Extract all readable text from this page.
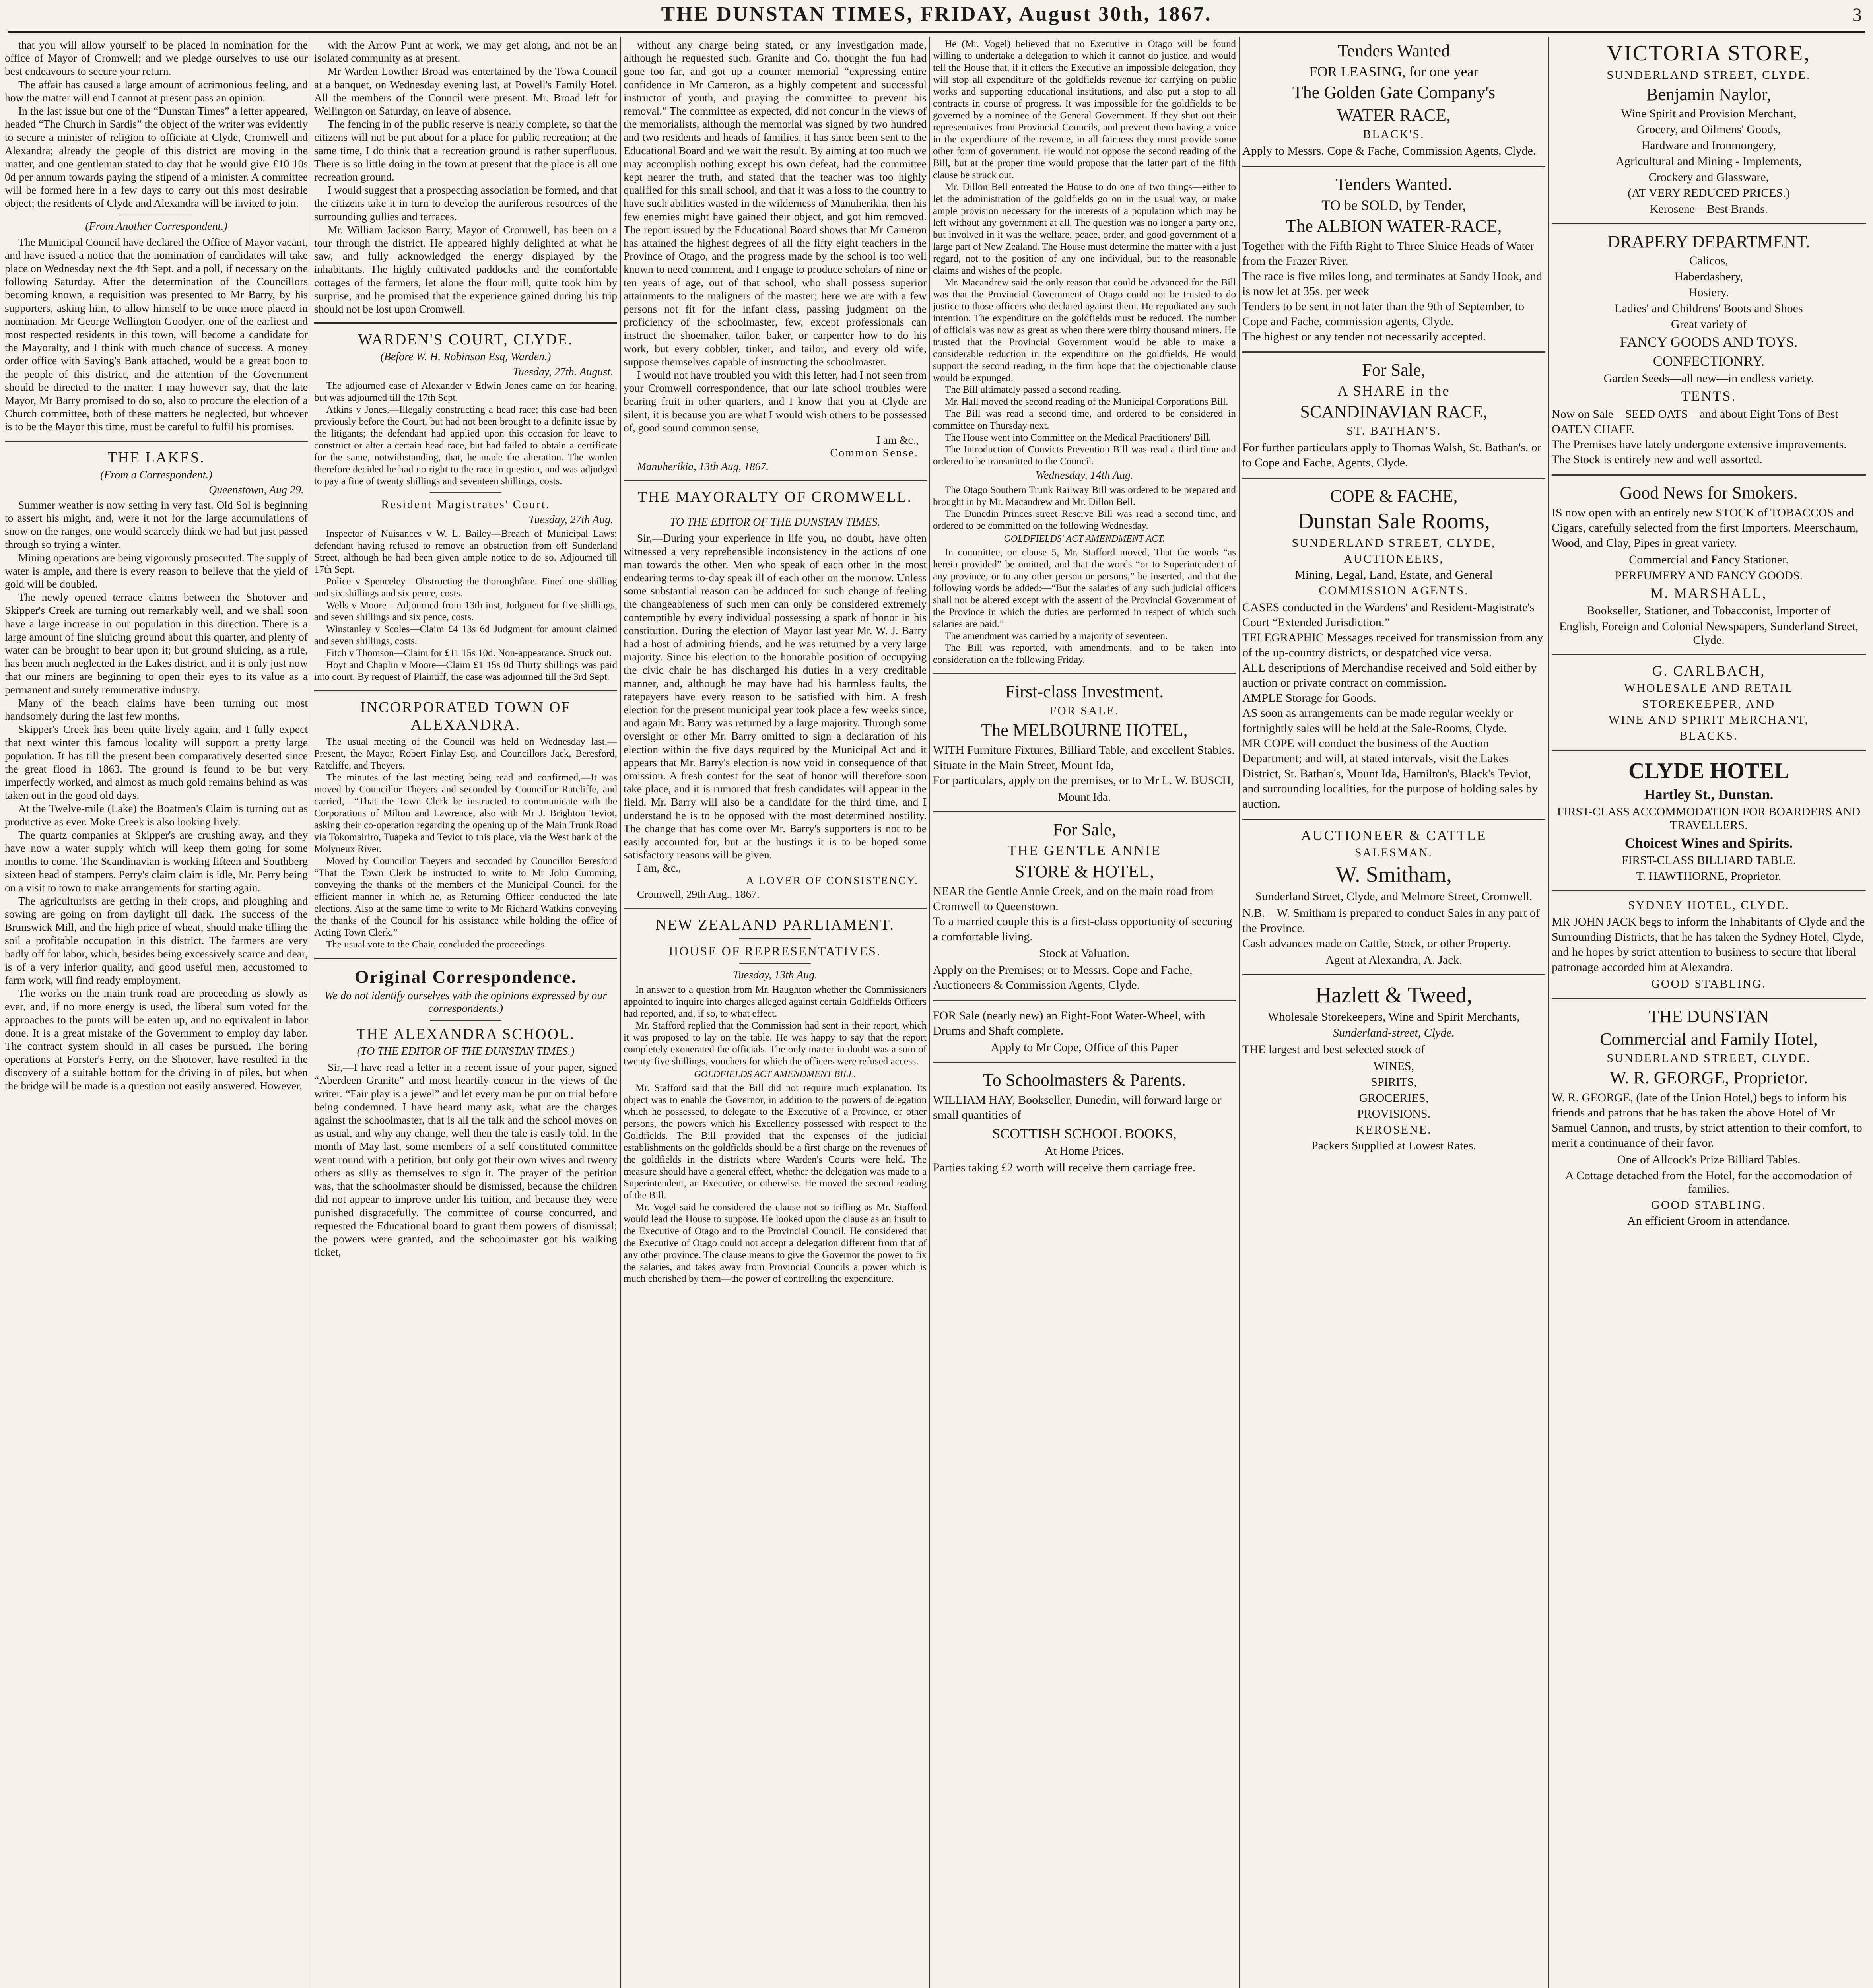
THE DUNSTAN TIMES, FRIDAY, August 30th, 1867.	3

that you will allow yourself to be placed in nomination for the office of Mayor of Cromwell; and we pledge ourselves to use our best endeavours to secure your return.

The affair has caused a large amount of acrimonious feeling, and how the matter will end I cannot at present pass an opinion.

In the last issue but one of the “Dunstan Times” a letter appeared, headed “The Church in Sardis” the object of the writer was evidently to secure a minister of religion to officiate at Clyde, Cromwell and Alexandra; already the people of this district are moving in the matter, and one gentleman stated to day that he would give £10 10s 0d per annum towards paying the stipend of a minister. A committee will be formed here in a few days to carry out this most desirable object; the residents of Clyde and Alexandra will be invited to join.

(From Another Correspondent.)

The Municipal Council have declared the Office of Mayor vacant, and have issued a notice that the nomination of candidates will take place on Wednesday next the 4th Sept. and a poll, if necessary on the following Saturday. After the determination of the Councillors becoming known, a requisition was presented to Mr Barry, by his supporters, asking him, to allow himself to be once more placed in nomination. Mr George Wellington Goodyer, one of the earliest and most respected residents in this town, will become a candidate for the Mayoralty, and I think with much chance of success. A money order office with Saving's Bank attached, would be a great boon to the people of this district, and the attention of the Government should be directed to the matter. I may however say, that the late Mayor, Mr Barry promised to do so, also to procure the election of a Church committee, both of these matters he neglected, but whoever is to be the Mayor this time, must be careful to fulfil his promises.

THE LAKES.

(From a Correspondent.)

Queenstown, Aug 29.

Summer weather is now setting in very fast. Old Sol is beginning to assert his might, and, were it not for the large accumulations of snow on the ranges, one would scarcely think we had but just passed through so trying a winter.

Mining operations are being vigorously prosecuted. The supply of water is ample, and there is every reason to believe that the yield of gold will be doubled.

The newly opened terrace claims between the Shotover and Skipper's Creek are turning out remarkably well, and we shall soon have a large increase in our population in this direction. There is a large amount of fine sluicing ground about this quarter, and plenty of water can be brought to bear upon it; but ground sluicing, as a rule, has been much neglected in the Lakes district, and it is only just now that our miners are beginning to open their eyes to its value as a permanent and surely remunerative industry.

Many of the beach claims have been turning out most handsomely during the last few months.

Skipper's Creek has been quite lively again, and I fully expect that next winter this famous locality will support a pretty large population. It has till the present been comparatively deserted since the great flood in 1863. The ground is found to be but very imperfectly worked, and almost as much gold remains behind as was taken out in the good old days.

At the Twelve-mile (Lake) the Boatmen's Claim is turning out as productive as ever. Moke Creek is also looking lively.

The quartz companies at Skipper's are crushing away, and they have now a water supply which will keep them going for some months to come. The Scandinavian is working fifteen and Southberg sixteen head of stampers. Perry's claim claim is idle, Mr. Perry being on a visit to town to make arrangements for starting again.

The agriculturists are getting in their crops, and ploughing and sowing are going on from daylight till dark. The success of the Brunswick Mill, and the high price of wheat, should make tilling the soil a profitable occupation in this district. The farmers are very badly off for labor, which, besides being excessively scarce and dear, is of a very inferior quality, and good useful men, accustomed to farm work, will find ready employment.

The works on the main trunk road are proceeding as slowly as ever, and, if no more energy is used, the liberal sum voted for the approaches to the punts will be eaten up, and no equivalent in labor done. It is a great mistake of the Government to employ day labor. The contract system should in all cases be pursued. The boring operations at Forster's Ferry, on the Shotover, have resulted in the discovery of a suitable bottom for the driving in of piles, but when the bridge will be made is a question not easily answered. However,

with the Arrow Punt at work, we may get along, and not be an isolated community as at present.

Mr Warden Lowther Broad was entertained by the Towa Council at a banquet, on Wednesday evening last, at Powell's Family Hotel. All the members of the Council were present. Mr. Broad left for Wellington on Saturday, on leave of absence.

The fencing in of the public reserve is nearly complete, so that the citizens will not be put about for a place for public recreation; at the same time, I do think that a recreation ground is rather superfluous. There is so little doing in the town at present that the place is all one recreation ground.

I would suggest that a prospecting association be formed, and that the citizens take it in turn to develop the auriferous resources of the surrounding gullies and terraces.

Mr. William Jackson Barry, Mayor of Cromwell, has been on a tour through the district. He appeared highly delighted at what he saw, and fully acknowledged the energy displayed by the inhabitants. The highly cultivated paddocks and the comfortable cottages of the farmers, let alone the flour mill, quite took him by surprise, and he promised that the experience gained during his trip should not be lost upon Cromwell.

WARDEN'S COURT, CLYDE.

(Before W. H. Robinson Esq, Warden.)

Tuesday, 27th. August.

The adjourned case of Alexander v Edwin Jones came on for hearing, but was adjourned till the 17th Sept.

Atkins v Jones.—Illegally constructing a head race; this case had been previously before the Court, but had not been brought to a definite issue by the litigants; the defendant had applied upon this occasion for leave to construct or alter a certain head race, but had failed to obtain a certificate for the same, notwithstanding, that, he made the alteration. The warden therefore decided he had no right to the race in question, and was adjudged to pay a fine of twenty shillings and seventeen shillings, costs.

Resident Magistrates' Court.

Tuesday, 27th Aug.

Inspector of Nuisances v W. L. Bailey—Breach of Municipal Laws; defendant having refused to remove an obstruction from off Sunderland Street, although he had been given ample notice to do so. Adjourned till 17th Sept.

Police v Spenceley—Obstructing the thoroughfare. Fined one shilling and six shillings and six pence, costs.

Wells v Moore—Adjourned from 13th inst, Judgment for five shillings, and seven shillings and six pence, costs.

Winstanley v Scoles—Claim £4 13s 6d Judgment for amount claimed and seven shillings, costs.

Fitch v Thomson—Claim for £11 15s 10d. Non-appearance. Struck out.

Hoyt and Chaplin v Moore—Claim £1 15s 0d Thirty shillings was paid into court. By request of Plaintiff, the case was adjourned till the 3rd Sept.

INCORPORATED TOWN OF ALEXANDRA.

The usual meeting of the Council was held on Wednesday last.—Present, the Mayor, Robert Finlay Esq. and Councillors Jack, Beresford, Ratcliffe, and Theyers.

The minutes of the last meeting being read and confirmed,—It was moved by Councillor Theyers and seconded by Councillor Ratcliffe, and carried,—“That the Town Clerk be instructed to communicate with the Corporations of Milton and Lawrence, also with Mr J. Brighton Teviot, asking their co-operation regarding the opening up of the Main Trunk Road via Tokomairiro, Tuapeka and Teviot to this place, via the West bank of the Molyneux River.

Moved by Councillor Theyers and seconded by Councillor Beresford “That the Town Clerk be instructed to write to Mr John Cumming, conveying the thanks of the members of the Municipal Council for the efficient manner in which he, as Returning Officer conducted the late elections. Also at the same time to write to Mr Richard Watkins conveying the thanks of the Council for his assistance while holding the office of Acting Town Clerk.”

The usual vote to the Chair, concluded the proceedings.

Original Correspondence.

We do not identify ourselves with the opinions expressed by our correspondents.)

THE ALEXANDRA SCHOOL.

(TO THE EDITOR OF THE DUNSTAN TIMES.)

Sir,—I have read a letter in a recent issue of your paper, signed “Aberdeen Granite” and most heartily concur in the views of the writer. “Fair play is a jewel” and let every man be put on trial before being condemned. I have heard many ask, what are the charges against the schoolmaster, that is all the talk and the school moves on as usual, and why any change, well then the tale is easily told. In the month of May last, some members of a self constituted committee went round with a petition, but only got their own wives and twenty others as silly as themselves to sign it. The prayer of the petition was, that the schoolmaster should be dismissed, because the children did not appear to improve under his tuition, and because they were punished disgracefully. The committee of course concurred, and requested the Educational board to grant them powers of dismissal; the powers were granted, and the schoolmaster got his walking ticket,

without any charge being stated, or any investigation made, although he requested such. Granite and Co. thought the fun had gone too far, and got up a counter memorial “expressing entire confidence in Mr Cameron, as a highly competent and successful instructor of youth, and praying the committee to prevent his removal.” The committee as expected, did not concur in the views of the memorialists, although the memorial was signed by two hundred and two residents and heads of families, it has since been sent to the Educational Board and we wait the result. By aiming at too much we may accomplish nothing except his own defeat, had the committee kept nearer the truth, and stated that the teacher was too highly qualified for this small school, and that it was a loss to the country to have such abilities wasted in the wilderness of Manuherikia, then his few enemies might have gained their object, and got him removed. The report issued by the Educational Board shows that Mr Cameron has attained the highest degrees of all the fifty eight teachers in the Province of Otago, and the progress made by the school is too well known to need comment, and I engage to produce scholars of nine or ten years of age, out of that school, who shall possess superior attainments to the maligners of the master; here we are with a few persons not fit for the infant class, passing judgment on the proficiency of the schoolmaster, few, except professionals can instruct the shoemaker, tailor, baker, or carpenter how to do his work, but every cobbler, tinker, and tailor, and every old wife, suppose themselves capable of instructing the schoolmaster.

I would not have troubled you with this letter, had I not seen from your Cromwell correspondence, that our late school troubles were bearing fruit in other quarters, and I know that you at Clyde are silent, it is because you are what I would wish others to be possessed of, good sound common sense,

I am &c.,

Common Sense.

Manuherikia, 13th Aug, 1867.

THE MAYORALTY OF CROMWELL.

TO THE EDITOR OF THE DUNSTAN TIMES.

Sir,—During your experience in life you, no doubt, have often witnessed a very reprehensible inconsistency in the actions of one man towards the other. Men who speak of each other in the most endearing terms to-day speak ill of each other on the morrow. Unless some substantial reason can be adduced for such change of feeling the changeableness of such men can only be considered extremely contemptible by every individual possessing a spark of honor in his constitution. During the election of Mayor last year Mr. W. J. Barry had a host of admiring friends, and he was returned by a very large majority. Since his election to the honorable position of occupying the civic chair he has discharged his duties in a very creditable manner, and, although he may have had his harmless faults, the ratepayers have every reason to be satisfied with him. A fresh election for the present municipal year took place a few weeks since, and again Mr. Barry was returned by a large majority. Through some oversight or other Mr. Barry omitted to sign a declaration of his election within the five days required by the Municipal Act and it appears that Mr. Barry's election is now void in consequence of that omission. A fresh contest for the seat of honor will therefore soon take place, and it is rumored that fresh candidates will appear in the field. Mr. Barry will also be a candidate for the third time, and I understand he is to be opposed with the most determined hostility. The change that has come over Mr. Barry's supporters is not to be easily accounted for, but at the hustings it is to be hoped some satisfactory reasons will be given.

I am, &c.,

A LOVER OF CONSISTENCY.

Cromwell, 29th Aug., 1867.

NEW ZEALAND PARLIAMENT.
HOUSE OF REPRESENTATIVES.

Tuesday, 13th Aug.

In answer to a question from Mr. Haughton whether the Commissioners appointed to inquire into charges alleged against certain Goldfields Officers had reported, and, if so, to what effect.

Mr. Stafford replied that the Commission had sent in their report, which it was proposed to lay on the table. He was happy to say that the report completely exonerated the officials. The only matter in doubt was a sum of twenty-five shillings, vouchers for which the officers were refused access.

GOLDFIELDS ACT AMENDMENT BILL.

Mr. Stafford said that the Bill did not require much explanation. Its object was to enable the Governor, in addition to the powers of delegation which he possessed, to delegate to the Executive of a Province, or other persons, the powers which his Excellency possessed with respect to the Goldfields. The Bill provided that the expenses of the judicial establishments on the goldfields should be a first charge on the revenues of the goldfields in the districts where Warden's Courts were held. The measure should have a general effect, whether the delegation was made to a Superintendent, an Executive, or otherwise. He moved the second reading of the Bill.

Mr. Vogel said he considered the clause not so trifling as Mr. Stafford would lead the House to suppose. He looked upon the clause as an insult to the Executive of Otago and to the Provincial Council. He considered that the Executive of Otago could not accept a delegation different from that of any other province. The clause means to give the Governor the power to fix the salaries, and takes away from Provincial Councils a power which is much cherished by them—the power of controlling the expenditure.

He (Mr. Vogel) believed that no Executive in Otago will be found willing to undertake a delegation to which it cannot do justice, and would tell the House that, if it offers the Executive an impossible delegation, they will stop all expenditure of the goldfields revenue for carrying on public works and supporting educational institutions, and also put a stop to all contracts in course of progress. It was impossible for the goldfields to be governed by a nominee of the General Government. If they shut out their representatives from Provincial Councils, and prevent them having a voice in the expenditure of the revenue, in all fairness they must provide some other form of government. He would not oppose the second reading of the Bill, but at the proper time would propose that the latter part of the fifth clause be struck out.

Mr. Dillon Bell entreated the House to do one of two things—either to let the administration of the goldfields go on in the usual way, or make ample provision necessary for the interests of a population which may be left without any government at all. The question was no longer a party one, but involved in it was the welfare, peace, order, and good government of a large part of New Zealand. The House must determine the matter with a just regard, not to the position of any one individual, but to the reasonable claims and wishes of the people.

Mr. Macandrew said the only reason that could be advanced for the Bill was that the Provincial Government of Otago could not be trusted to do justice to those officers who declared against them. He repudiated any such intention. The expenditure on the goldfields must be reduced. The number of officials was now as great as when there were thirty thousand miners. He trusted that the Provincial Government would be able to make a considerable reduction in the expenditure on the goldfields. He would support the second reading, in the firm hope that the objectionable clause would be expunged.

The Bill ultimately passed a second reading.

Mr. Hall moved the second reading of the Municipal Corporations Bill.

The Bill was read a second time, and ordered to be considered in committee on Thursday next.

The House went into Committee on the Medical Practitioners' Bill.

The Introduction of Convicts Prevention Bill was read a third time and ordered to be transmitted to the Council.

Wednesday, 14th Aug.

The Otago Southern Trunk Railway Bill was ordered to be prepared and brought in by Mr. Macandrew and Mr. Dillon Bell.

The Dunedin Princes street Reserve Bill was read a second time, and ordered to be committed on the following Wednesday.

GOLDFIELDS' ACT AMENDMENT ACT.

In committee, on clause 5, Mr. Stafford moved, That the words “as herein provided” be omitted, and that the words “or to Superintendent of any province, or to any other person or persons,” be inserted, and that the following words be added:—“But the salaries of any such judicial officers shall not be altered except with the assent of the Provincial Government of the Province in which the duties are performed in respect of which such salaries are paid.”

The amendment was carried by a majority of seventeen.

The Bill was reported, with amendments, and to be taken into consideration on the following Friday.

First-class Investment.

FOR SALE.

The MELBOURNE HOTEL,

WITH Furniture Fixtures, Billiard Table, and excellent Stables. Situate in the Main Street, Mount Ida,

For particulars, apply on the premises, or to Mr L. W. BUSCH,

Mount Ida.

For Sale,

THE GENTLE ANNIE

STORE & HOTEL,

NEAR the Gentle Annie Creek, and on the main road from Cromwell to Queenstown.

To a married couple this is a first-class opportunity of securing a comfortable living.

Stock at Valuation.

Apply on the Premises; or to Messrs. Cope and Fache, Auctioneers & Commission Agents, Clyde.

FOR Sale (nearly new) an Eight-Foot Water-Wheel, with Drums and Shaft complete.

Apply to Mr Cope, Office of this Paper

To Schoolmasters & Parents.

WILLIAM HAY, Bookseller, Dunedin, will forward large or small quantities of

SCOTTISH SCHOOL BOOKS,

At Home Prices.

Parties taking £2 worth will receive them carriage free.

Tenders Wanted

FOR LEASING, for one year

The Golden Gate Company's

WATER RACE,

BLACK'S.

Apply to Messrs. Cope & Fache, Commission Agents, Clyde.

Tenders Wanted.

TO be SOLD, by Tender,

The ALBION WATER-RACE,

Together with the Fifth Right to Three Sluice Heads of Water from the Frazer River.

The race is five miles long, and terminates at Sandy Hook, and is now let at 35s. per week

Tenders to be sent in not later than the 9th of September, to Cope and Fache, commission agents, Clyde.

The highest or any tender not necessarily accepted.

For Sale,

A SHARE in the

SCANDINAVIAN RACE,

ST. BATHAN'S.

For further particulars apply to Thomas Walsh, St. Bathan's. or to Cope and Fache, Agents, Clyde.

COPE & FACHE,

Dunstan Sale Rooms,

SUNDERLAND STREET, CLYDE,

AUCTIONEERS,

Mining, Legal, Land, Estate, and General

COMMISSION AGENTS.

CASES conducted in the Wardens' and Resident-Magistrate's Court “Extended Jurisdiction.”

TELEGRAPHIC Messages received for transmission from any of the up-country districts, or despatched vice versa.

ALL descriptions of Merchandise received and Sold either by auction or private contract on commission.

AMPLE Storage for Goods.

AS soon as arrangements can be made regular weekly or fortnightly sales will be held at the Sale-Rooms, Clyde.

MR COPE will conduct the business of the Auction Department; and will, at stated intervals, visit the Lakes District, St. Bathan's, Mount Ida, Hamilton's, Black's Teviot, and surrounding localities, for the purpose of holding sales by auction.

AUCTIONEER & CATTLE

SALESMAN.

W. Smitham,

Sunderland Street, Clyde, and Melmore Street, Cromwell.

N.B.—W. Smitham is prepared to conduct Sales in any part of the Province.

Cash advances made on Cattle, Stock, or other Property.

Agent at Alexandra, A. Jack.

Hazlett & Tweed,

Wholesale Storekeepers, Wine and Spirit Merchants,

Sunderland-street, Clyde.

THE largest and best selected stock of

WINES,

SPIRITS,

GROCERIES,

PROVISIONS.

KEROSENE.

Packers Supplied at Lowest Rates.

VICTORIA STORE,

SUNDERLAND STREET, CLYDE.

Benjamin Naylor,

Wine Spirit and Provision Merchant,

Grocery, and Oilmens' Goods,

Hardware and Ironmongery,

Agricultural and Mining - Implements,

Crockery and Glassware,

(AT VERY REDUCED PRICES.)

Kerosene—Best Brands.

DRAPERY DEPARTMENT.

Calicos,

Haberdashery,

Hosiery.

Ladies' and Childrens' Boots and Shoes

Great variety of

FANCY GOODS AND TOYS.

CONFECTIONRY.

Garden Seeds—all new—in endless variety.

TENTS.

Now on Sale—SEED OATS—and about Eight Tons of Best OATEN CHAFF.

The Premises have lately undergone extensive improvements.

The Stock is entirely new and well assorted.

Good News for Smokers.

IS now open with an entirely new STOCK of TOBACCOS and Cigars, carefully selected from the first Importers. Meerschaum, Wood, and Clay, Pipes in great variety.

Commercial and Fancy Stationer.

PERFUMERY AND FANCY GOODS.

M. MARSHALL,

Bookseller, Stationer, and Tobacconist, Importer of

English, Foreign and Colonial Newspapers, Sunderland Street, Clyde.

G. CARLBACH,

WHOLESALE AND RETAIL

STOREKEEPER, AND

WINE AND SPIRIT MERCHANT,

BLACKS.

CLYDE HOTEL

Hartley St., Dunstan.

FIRST-CLASS ACCOMMODATION FOR BOARDERS AND TRAVELLERS.

Choicest Wines and Spirits.

FIRST-CLASS BILLIARD TABLE.

T. HAWTHORNE, Proprietor.

SYDNEY HOTEL, CLYDE.

MR JOHN JACK begs to inform the Inhabitants of Clyde and the Surrounding Districts, that he has taken the Sydney Hotel, Clyde, and he hopes by strict attention to business to secure that liberal patronage accorded him at Alexandra.

GOOD STABLING.

THE DUNSTAN

Commercial and Family Hotel,

SUNDERLAND STREET, CLYDE.

W. R. GEORGE, Proprietor.

W. R. GEORGE, (late of the Union Hotel,) begs to inform his friends and patrons that he has taken the above Hotel of Mr Samuel Cannon, and trusts, by strict attention to their comfort, to merit a continuance of their favor.

One of Allcock's Prize Billiard Tables.

A Cottage detached from the Hotel, for the accomodation of families.

GOOD STABLING.

An efficient Groom in attendance.
